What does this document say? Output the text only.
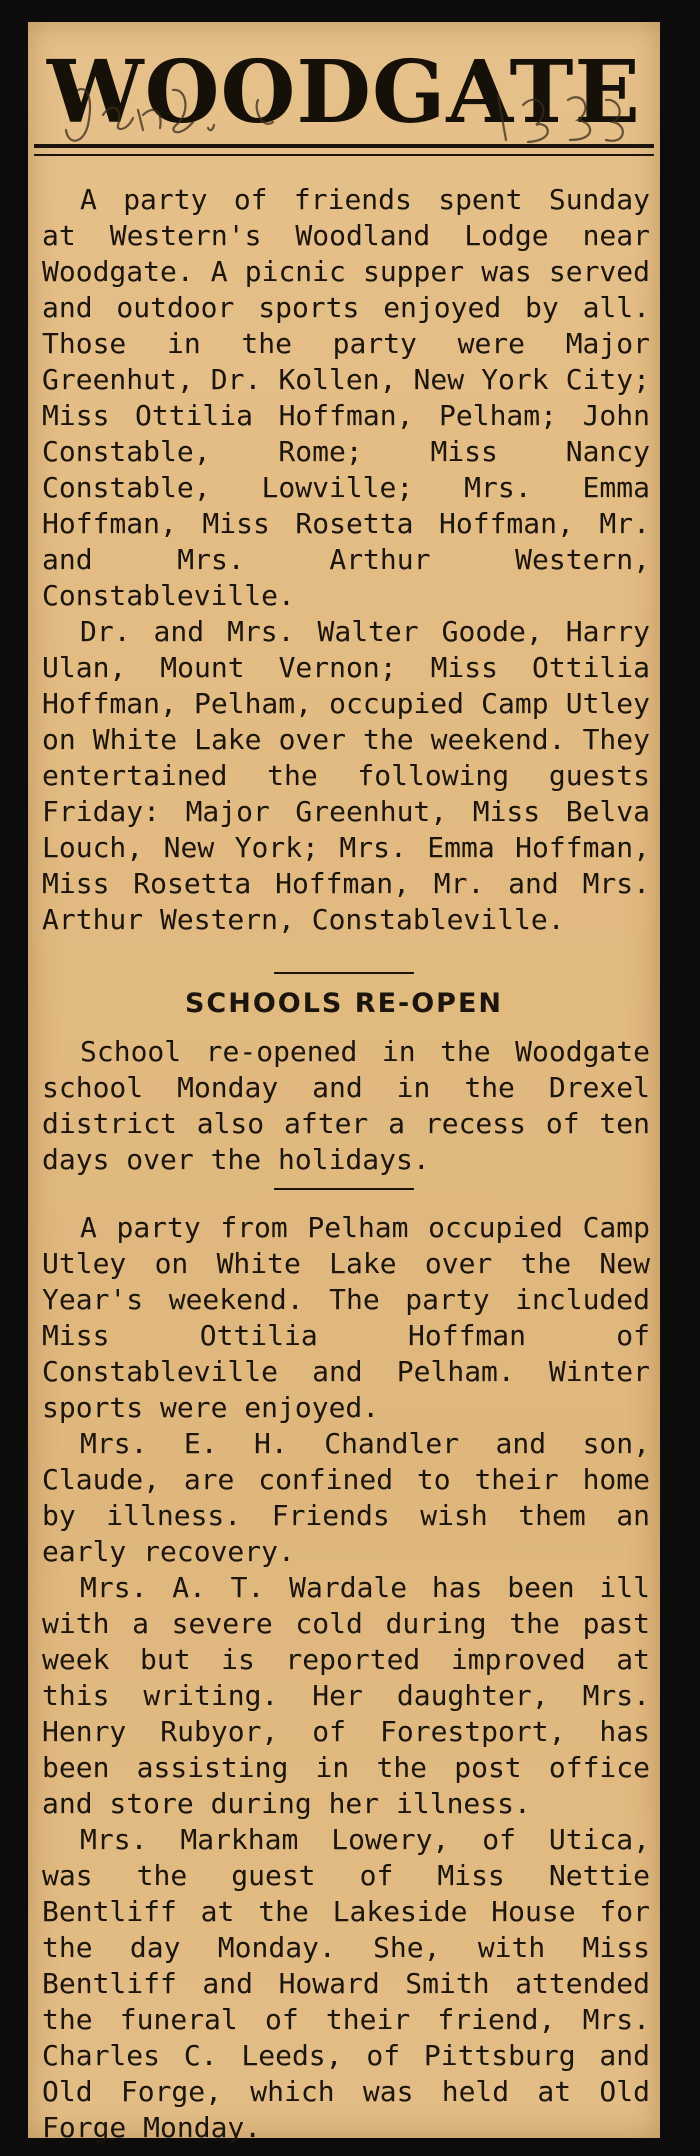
WOODGATE

A party of friends spent Sunday at Western's Woodland Lodge near Woodgate. A picnic supper was served and outdoor sports enjoyed by all. Those in the party were Major Greenhut, Dr. Kollen, New York City; Miss Ottilia Hoffman, Pelham; John Constable, Rome; Miss Nancy Constable, Lowville; Mrs. Emma Hoffman, Miss Rosetta Hoffman, Mr. and Mrs. Arthur Western, Constableville.

Dr. and Mrs. Walter Goode, Harry Ulan, Mount Vernon; Miss Ottilia Hoffman, Pelham, occupied Camp Utley on White Lake over the weekend. They entertained the following guests Friday: Major Greenhut, Miss Belva Louch, New York; Mrs. Emma Hoffman, Miss Rosetta Hoffman, Mr. and Mrs. Arthur Western, Constableville.

SCHOOLS RE-OPEN

School re-opened in the Woodgate school Monday and in the Drexel district also after a recess of ten days over the holidays.

A party from Pelham occupied Camp Utley on White Lake over the New Year's weekend. The party included Miss Ottilia Hoffman of Constableville and Pelham. Winter sports were enjoyed.

Mrs. E. H. Chandler and son, Claude, are confined to their home by illness. Friends wish them an early recovery.

Mrs. A. T. Wardale has been ill with a severe cold during the past week but is reported improved at this writing. Her daughter, Mrs. Henry Rubyor, of Forestport, has been assisting in the post office and store during her illness.

Mrs. Markham Lowery, of Utica, was the guest of Miss Nettie Bentliff at the Lakeside House for the day Monday. She, with Miss Bentliff and Howard Smith attended the funeral of their friend, Mrs. Charles C. Leeds, of Pittsburg and Old Forge, which was held at Old Forge Monday.
